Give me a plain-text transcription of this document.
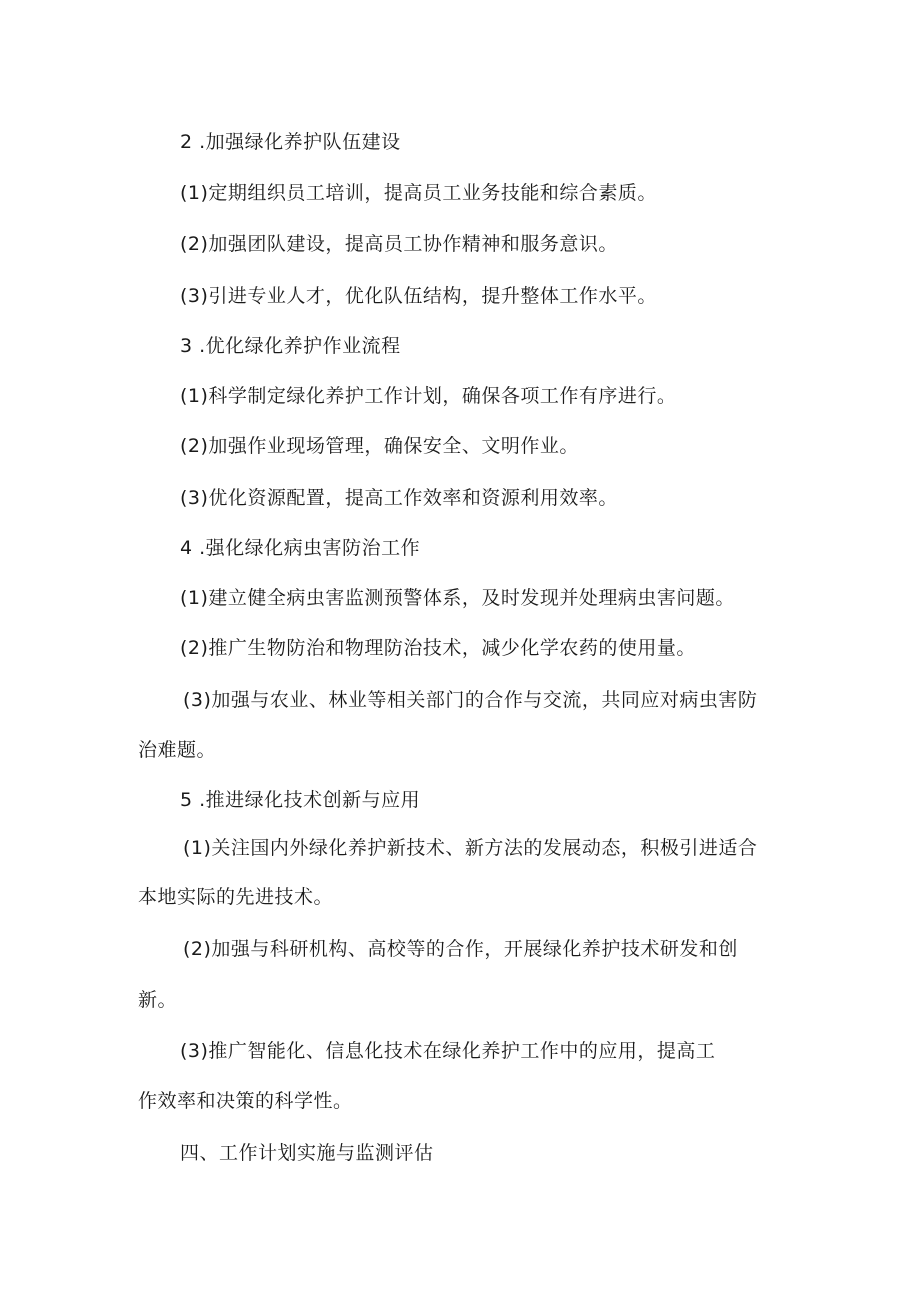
2 .加强绿化养护队伍建设
(1)定期组织员工培训，提高员工业务技能和综合素质。
(2)加强团队建设，提高员工协作精神和服务意识。
(3)引进专业人才，优化队伍结构，提升整体工作水平。
3 .优化绿化养护作业流程
(1)科学制定绿化养护工作计划，确保各项工作有序进行。
(2)加强作业现场管理，确保安全、文明作业。
(3)优化资源配置，提高工作效率和资源利用效率。
4 .强化绿化病虫害防治工作
(1)建立健全病虫害监测预警体系，及时发现并处理病虫害问题。
(2)推广生物防治和物理防治技术，减少化学农药的使用量。
(3)加强与农业、林业等相关部门的合作与交流，共同应对病虫害防
治难题。
5 .推进绿化技术创新与应用
(1)关注国内外绿化养护新技术、新方法的发展动态，积极引进适合
本地实际的先进技术。
(2)加强与科研机构、高校等的合作，开展绿化养护技术研发和创
新。
(3)推广智能化、信息化技术在绿化养护工作中的应用，提高工
作效率和决策的科学性。
四、工作计划实施与监测评估
